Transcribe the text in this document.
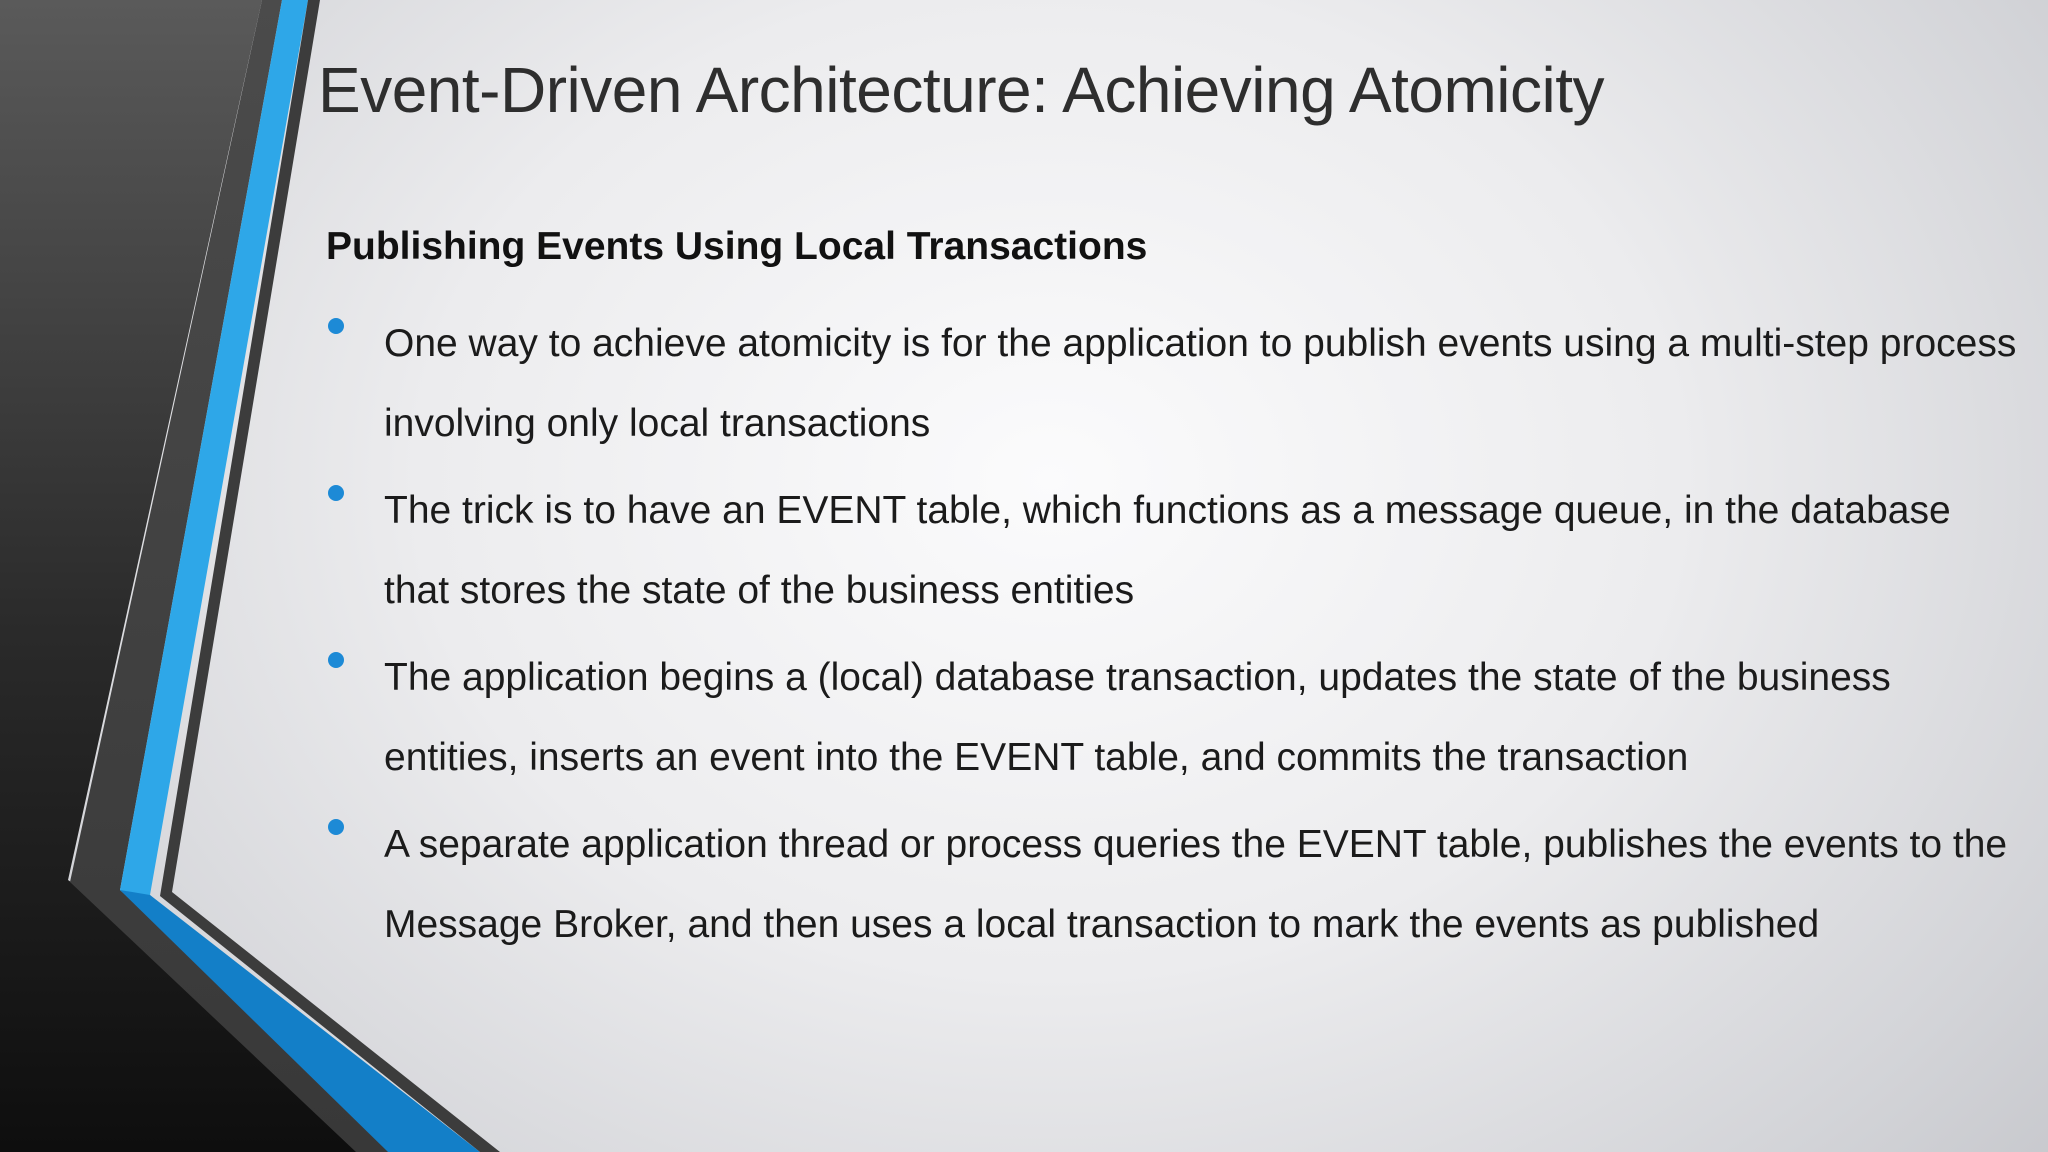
Event-Driven Architecture: Achieving Atomicity
Publishing Events Using Local Transactions
One way to achieve atomicity is for the application to publish events using a multi-step process involving only local transactions
The trick is to have an EVENT table, which functions as a message queue, in the database that stores the state of the business entities
The application begins a (local) database transaction, updates the state of the business entities, inserts an event into the EVENT table, and commits the transaction
A separate application thread or process queries the EVENT table, publishes the events to the Message Broker, and then uses a local transaction to mark the events as published
